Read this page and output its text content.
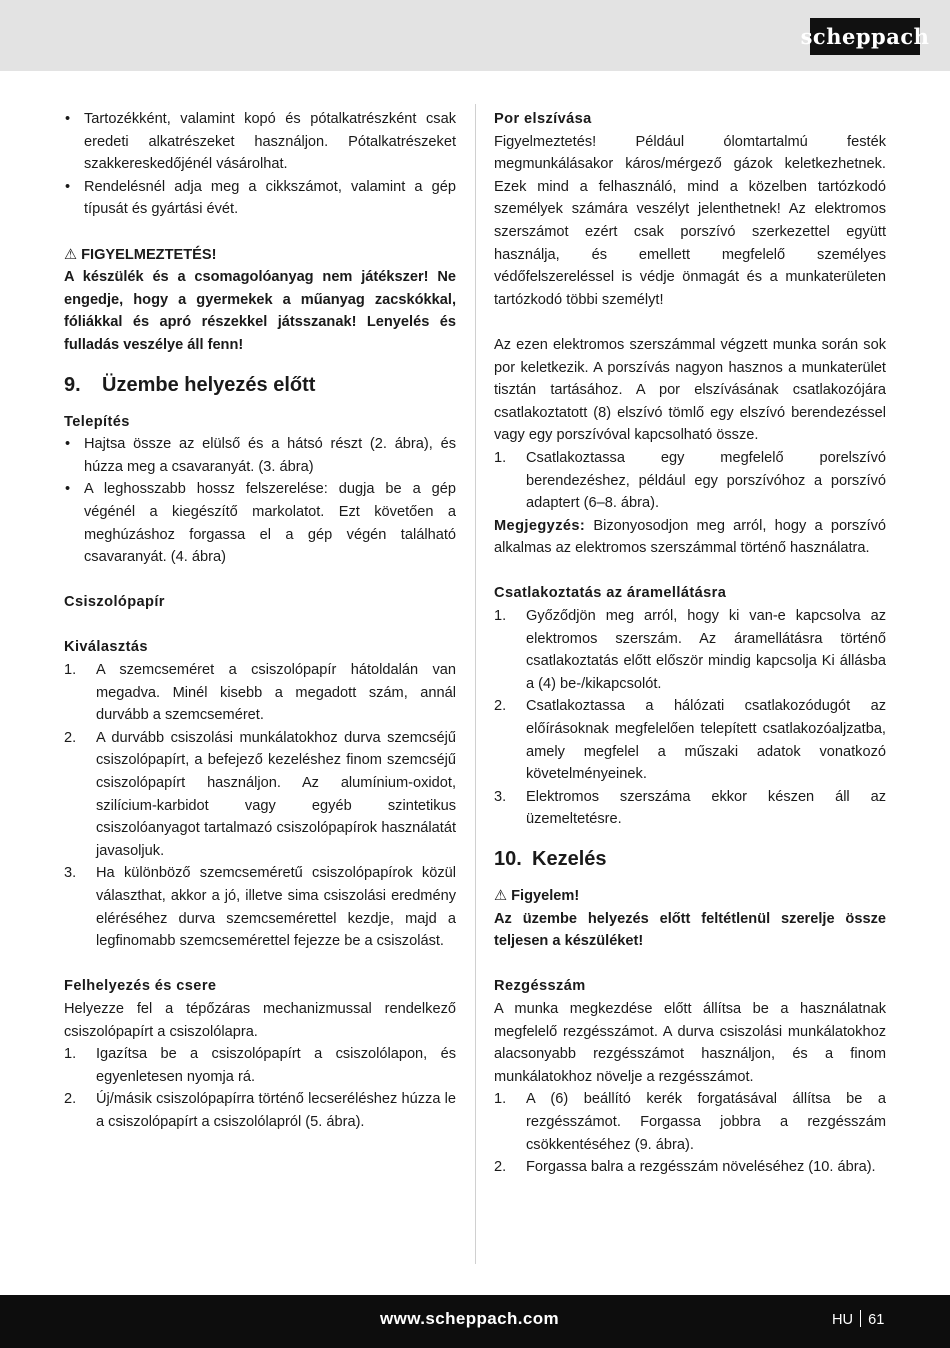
scheppach
• Tartozékként, valamint kopó és pótalkatrészként csak eredeti alkatrészeket használjon. Pótalkatrészeket szakkereskedőjénél vásárolhat.
• Rendelésnél adja meg a cikkszámot, valamint a gép típusát és gyártási évét.

⚠ FIGYELMEZTETÉS!

A készülék és a csomagolóanyag nem játékszer! Ne engedje, hogy a gyermekek a műanyag zacskókkal, fóliákkal és apró részekkel játsszanak! Lenyelés és fulladás veszélye áll fenn!

9. Üzembe helyezés előtt

Telepítés

• Hajtsa össze az elülső és a hátsó részt (2. ábra), és húzza meg a csavaranyát. (3. ábra)
• A leghosszabb hossz felszerelése: dugja be a gép végénél a kiegészítő markolatot. Ezt követően a meghúzáshoz forgassa el a gép végén található csavaranyát. (4. ábra)

Csiszolópapír

Kiválasztás

1. A szemcseméret a csiszolópapír hátoldalán van megadva. Minél kisebb a megadott szám, annál durvább a szemcseméret.
2. A durvább csiszolási munkálatokhoz durva szemcséjű csiszolópapírt, a befejező kezeléshez finom szemcséjű csiszolópapírt használjon. Az alumínium-oxidot, szilícium-karbidot vagy egyéb szintetikus csiszolóanyagot tartalmazó csiszolópapírok használatát javasoljuk.
3. Ha különböző szemcseméretű csiszolópapírok közül választhat, akkor a jó, illetve sima csiszolási eredmény eléréséhez durva szemcsemérettel kezdje, majd a legfinomabb szemcsemérettel fejezze be a csiszolást.

Felhelyezés és csere

Helyezze fel a tépőzáras mechanizmussal rendelkező csiszolópapírt a csiszolólapra.

1. Igazítsa be a csiszolópapírt a csiszolólapon, és egyenletesen nyomja rá.
2. Új/másik csiszolópapírra történő lecseréléshez húzza le a csiszolópapírt a csiszolólapról (5. ábra).

Por elszívása

Figyelmeztetés! Például ólomtartalmú festék megmunkálásakor káros/mérgező gázok keletkezhetnek. Ezek mind a felhasználó, mind a közelben tartózkodó személyek számára veszélyt jelenthetnek! Az elektromos szerszámot ezért csak porszívó szerkezettel együtt használja, és emellett megfelelő személyes védőfelszereléssel is védje önmagát és a munkaterületen tartózkodó többi személyt!

Az ezen elektromos szerszámmal végzett munka során sok por keletkezik. A porszívás nagyon hasznos a munkaterület tisztán tartásához. A por elszívásának csatlakozójára csatlakoztatott (8) elszívó tömlő egy elszívó berendezéssel vagy egy porszívóval kapcsolható össze.

1. Csatlakoztassa egy megfelelő porelszívó berendezéshez, például egy porszívóhoz a porszívó adaptert (6–8. ábra).

Megjegyzés: Bizonyosodjon meg arról, hogy a porszívó alkalmas az elektromos szerszámmal történő használatra.

Csatlakoztatás az áramellátásra

1. Győződjön meg arról, hogy ki van-e kapcsolva az elektromos szerszám. Az áramellátásra történő csatlakoztatás előtt először mindig kapcsolja Ki állásba a (4) be-/kikapcsolót.
2. Csatlakoztassa a hálózati csatlakozódugót az előírásoknak megfelelően telepített csatlakozóaljzatba, amely megfelel a műszaki adatok vonatkozó követelményeinek.
3. Elektromos szerszáma ekkor készen áll az üzemeltetésre.
10. Kezelés

⚠ Figyelem!

Az üzembe helyezés előtt feltétlenül szerelje össze teljesen a készüléket!

Rezgésszám

A munka megkezdése előtt állítsa be a használatnak megfelelő rezgésszámot. A durva csiszolási munkálatokhoz alacsonyabb rezgésszámot használjon, és a finom munkálatokhoz növelje a rezgésszámot.

1. A (6) beállító kerék forgatásával állítsa be a rezgésszámot. Forgassa jobbra a rezgésszám csökkentéséhez (9. ábra).
2. Forgassa balra a rezgésszám növeléséhez (10. ábra).
www.scheppach.com	HU 61
